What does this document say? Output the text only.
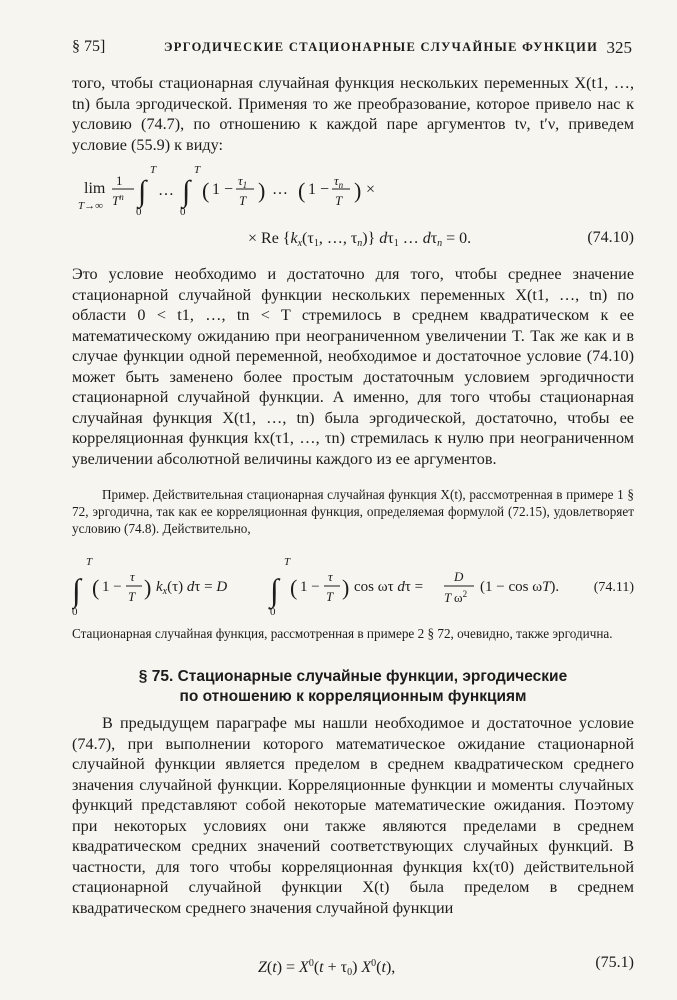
§ 75]	ЭРГОДИЧЕСКИЕ СТАЦИОНАРНЫЕ СЛУЧАЙНЫЕ ФУНКЦИИ 325

того, чтобы стационарная случайная функция нескольких переменных X(t1, …, tn) была эргодической. Применяя то же преобразование, которое привело нас к условию (74.7), по отношению к каждой паре аргументов tν, t′ν, приведем условие (55.9) к виду:

lim
T→∞
1
$T^n$ ∫
T
0
… ∫
T
0
( 1 −
$\tau_1$
T ) … ( 1 −
$\tau_n$
T ) ×
× Re {kx(τ1, …, τn)} dτ1 … dτn = 0.	(74.10)

Это условие необходимо и достаточно для того, чтобы среднее значение стационарной случайной функции нескольких переменных X(t1, …, tn) по области 0 < t1, …, tn < T стремилось в среднем квадратическом к ее математическому ожиданию при неограниченном увеличении T. Так же как и в случае функции одной переменной, необходимое и достаточное условие (74.10) может быть заменено более простым достаточным условием эргодичности стационарной случайной функции. А именно, для того чтобы стационарная случайная функция X(t1, …, tn) была эргодической, достаточно, чтобы ее корреляционная функция kx(τ1, …, τn) стремилась к нулю при неограниченном увеличении абсолютной величины каждого из ее аргументов.

Пример. Действительная стационарная случайная функция X(t), рассмотренная в примере 1 § 72, эргодична, так как ее корреляционная функция, определяемая формулой (72.15), удовлетворяет условию (74.8). Действительно,

∫
T
0
( 1 −
τ
T ) $k_x(\tau) d\tau = D$ ∫
T
0
( 1 −
τ
T ) cos ωτ dτ =
D
T $\omega^2$ (1 − cos ωT). (74.11)

Стационарная случайная функция, рассмотренная в примере 2 § 72, очевидно, также эргодична.

§ 75. Стационарные случайные функции, эргодические
по отношению к корреляционным функциям

В предыдущем параграфе мы нашли необходимое и достаточное условие (74.7), при выполнении которого математическое ожидание стационарной случайной функции является пределом в среднем квадратическом среднего значения случайной функции. Корреляционные функции и моменты случайных функций представляют собой некоторые математические ожидания. Поэтому при некоторых условиях они также являются пределами в среднем квадратическом средних значений соответствующих случайных функций. В частности, для того чтобы корреляционная функция kx(τ0) действительной стационарной случайной функции X(t) была пределом в среднем квадратическом среднего значения случайной функции

$Z(t) = X^0(t + \tau 0)$ $X^0(t)$,	(75.1)
